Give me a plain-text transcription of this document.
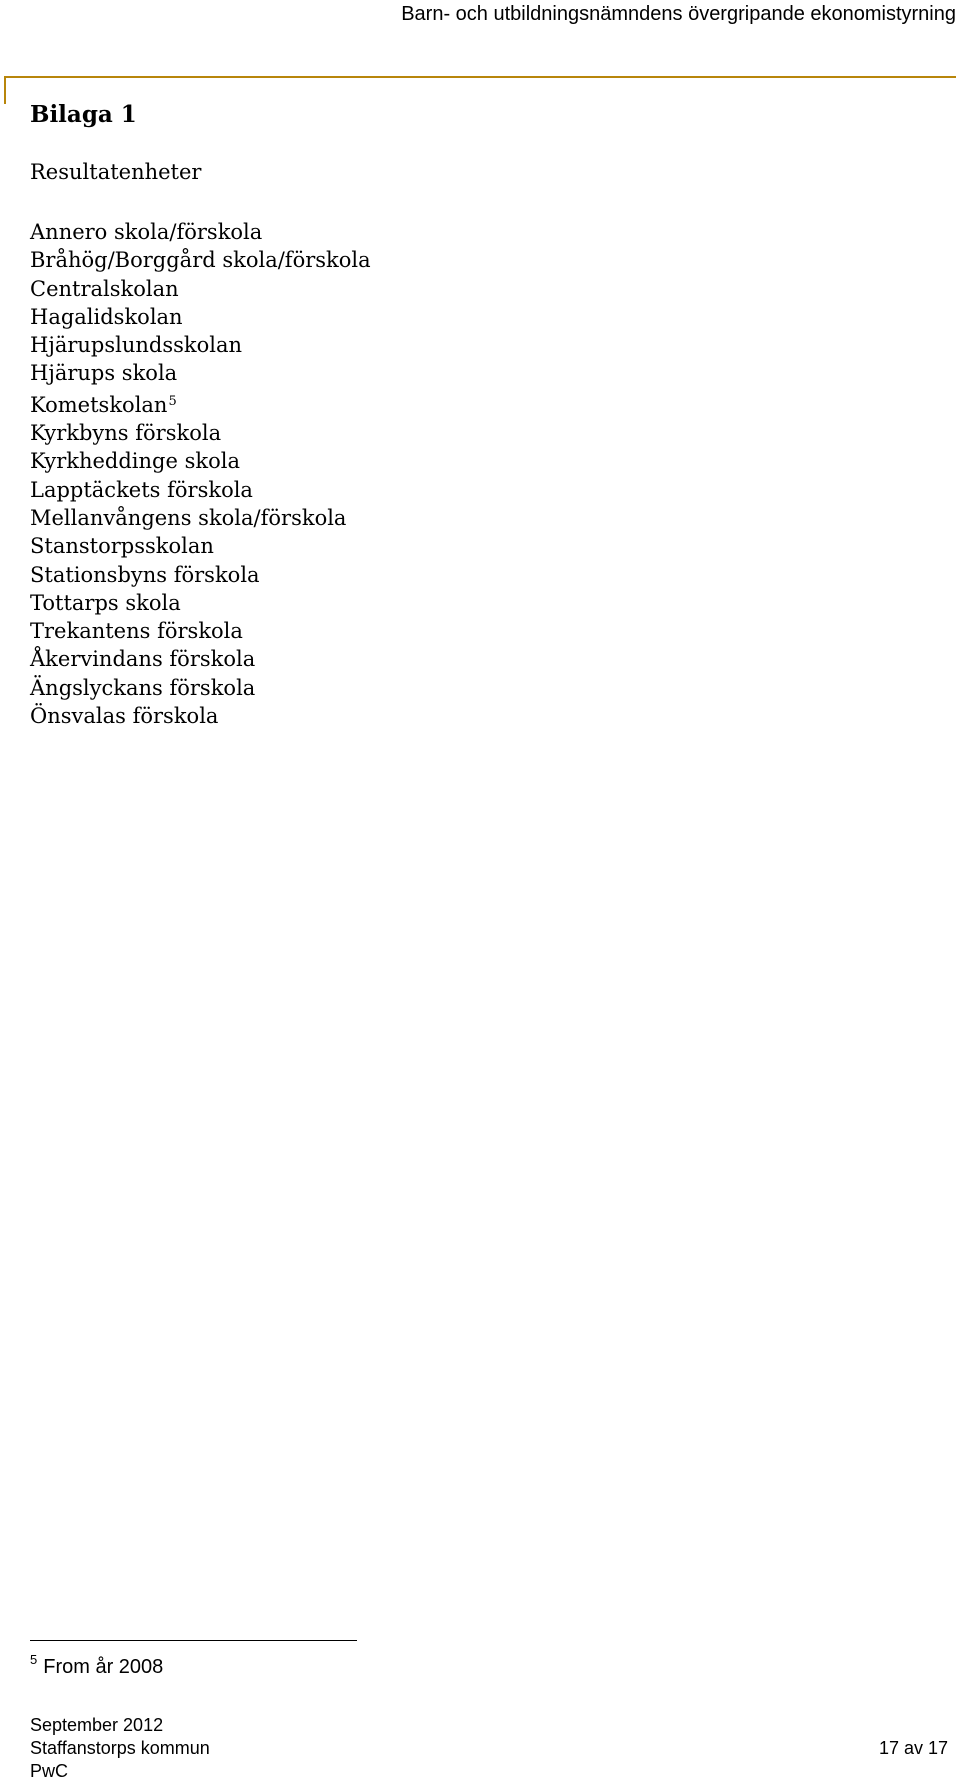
Barn- och utbildningsnämndens övergripande ekonomistyrning
Bilaga 1

Resultatenheter

Annero skola/förskola
Bråhög/Borggård skola/förskola
Centralskolan
Hagalidskolan
Hjärupslundsskolan
Hjärups skola
Kometskolan$^5$
Kyrkbyns förskola
Kyrkheddinge skola
Lapptäckets förskola
Mellanvångens skola/förskola
Stanstorpsskolan
Stationsbyns förskola
Tottarps skola
Trekantens förskola
Åkervindans förskola
Ängslyckans förskola
Önsvalas förskola
$^5$ From år 2008
September 2012
Staffanstorps kommun	17 av 17
PwC
